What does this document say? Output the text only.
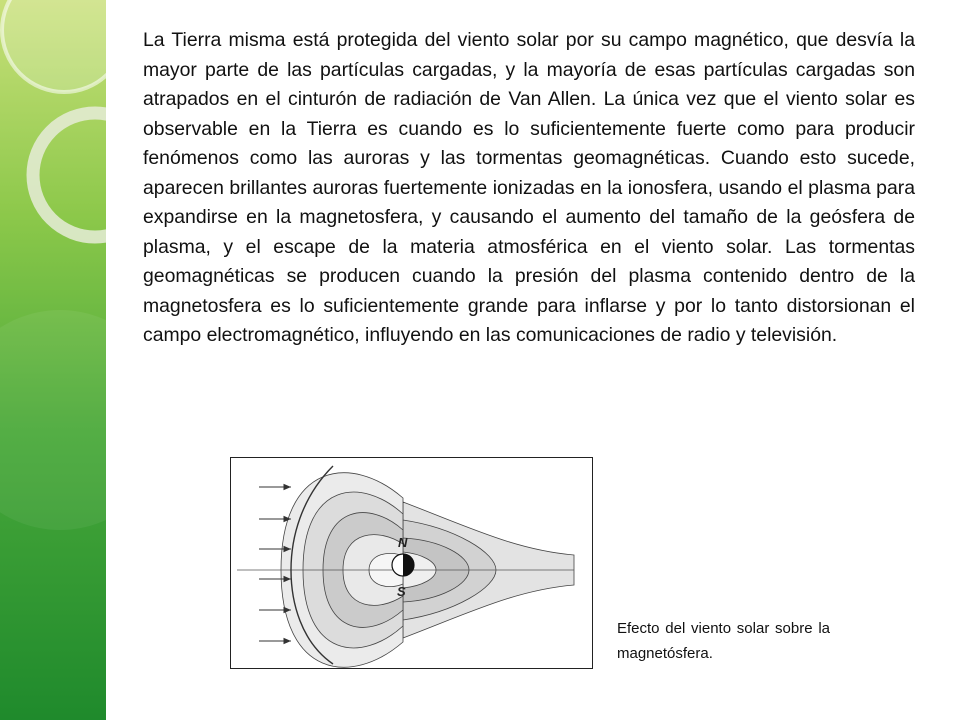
La Tierra misma está protegida del viento solar por su campo magnético, que desvía la mayor parte de las partículas cargadas, y la mayoría de esas partículas cargadas son atrapados en el cinturón de radiación de Van Allen. La única vez que el viento solar es observable en la Tierra es cuando es lo suficientemente fuerte como para producir fenómenos como las auroras y las tormentas geomagnéticas. Cuando esto sucede, aparecen brillantes auroras fuertemente ionizadas en la ionosfera, usando el plasma para expandirse en la magnetosfera, y causando el aumento del tamaño de la geósfera de plasma, y el escape de la materia atmosférica en el viento solar. Las tormentas geomagnéticas se producen cuando la presión del plasma contenido dentro de la magnetosfera es lo suficientemente grande para inflarse y por lo tanto distorsionan el campo electromagnético, influyendo en las comunicaciones de radio y televisión.

N
S

Efecto del viento solar sobre la magnetósfera.
